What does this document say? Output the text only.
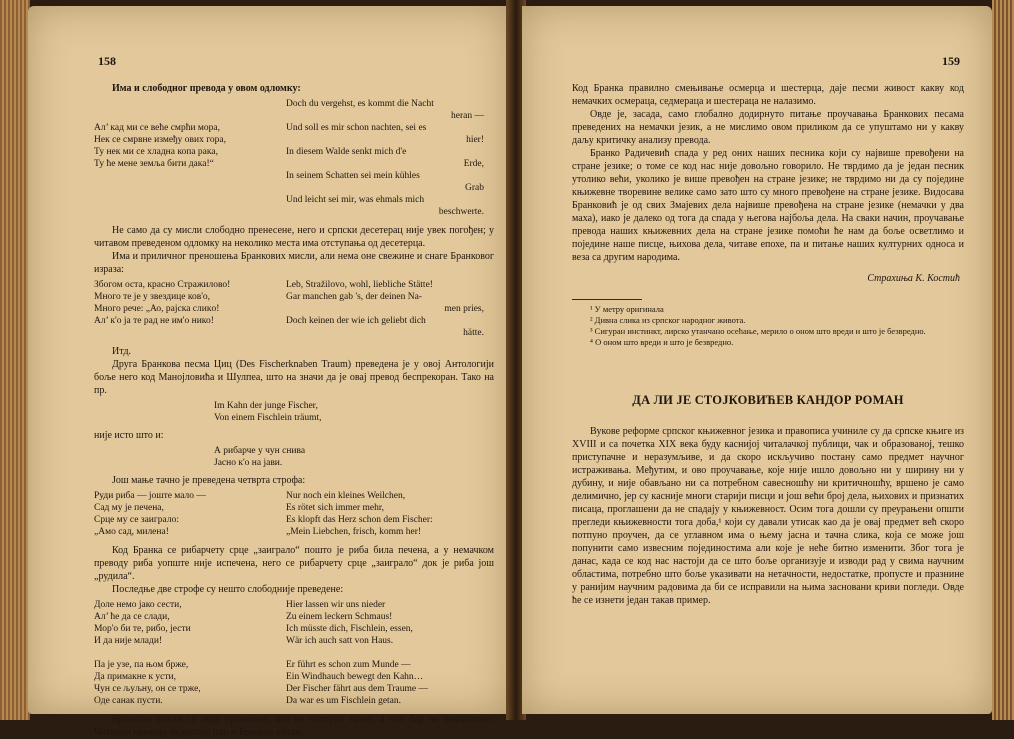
158
Има и слободног превода у овом одломку:

Ал’ кад ми се веће смрћи мора,
Нек се смрвне између ових гора,
Ту нек ми се хладна копа рака,
Ту ће мене земља бити дака!“

Doch du vergehst, es kommt die Nacht
heran —
Und soll es mir schon nachten, sei es
hier!
In diesem Walde senkt mich d'e
Erde,
In seinem Schatten sei mein kühles
Grab
Und leicht sei mir, was ehmals mich
beschwerte.

Не само да су мисли слободно пренесене, него и српски десетерац није увек погођен; у читавом преведеном одломку на неколико места има отступања од десетерца.

Има и приличног преношења Бранкових мисли, али нема оне свежине и снаге Бранковог израза:

Збогом оста, красно Стражилово!
Много те је у звездице ков'о,
Много рече: „Ао, рајска сликo!
Ал’ к'о ја те рад не им'о нико!
Leb, Stražilovo, wohl, liebliche Stätte!
Gar manchen gab 's, der deinen Na-
men pries,
Doch keinen der wie ich geliebt dich
hätte.

Итд.

Друга Бранкова песма Циц (Des Fischerknaben Traum) преведена је у овој Антологији боље него код Манојловића и Шулпеа, што на значи да је овај превод беспрекоран. Тако на пр.

Im Kahn der junge Fischer,
Von einem Fischlein träumt,

није исто што и:

А рибарче у чун снива
Јасно к'о на јави.

Још мање тачно је преведена четврта строфа:

Руди риба — јоште мало —
Сад му је печена,
Срце му се заиграло:
„Амо сад, милена!
Nur noch ein kleines Weilchen,
Es rötet sich immer mehr,
Es klopft das Herz schon dem Fischer:
„Mein Liebchen, frisch, komm her!

Код Бранка се рибарчету срце „заиграло“ пошто је риба била печена, а у немачком преводу риба уопште није испечена, него се рибарчету срце „заиграло“ док је риба још „рудила“.

Последње две строфе су нешто слободније преведене:

Доле немо јако сести,
Ал’ ће да се слади,
Мор'о би те, рибо, јести
И да није млади!

Па је узе, па њом брже,
Да примакне к усти,
Чун се љуљну, он се трже,
Оде санак пусти.
Hier lassen wir uns nieder
Zu einem leckern Schmaus!
Ich müsste dich, Fischlein, essen,
Wär ich auch satt von Haus.

Er führt es schon zum Munde —
Ein Windhauch bewegt den Kahn…
Der Fischer fährt aus dem Traume —
Da war es um Fischlein getan.

Бранкове мисли су овде пренесене, ако не потпуно тачно, а оно бар не некоректно. Читавом преводу недостаје још и Бранков ритам,

159

Код Бранка правилно смењивање осмерца и шестерца, даје песми живост какву код немачких осмераца, седмераца и шестераца не налазимо.

Овде је, засада, само глобално додирнуто питање проучавања Бранкових песама преведених на немачки језик, а не мислимо овом приликом да се упуштамо ни у какву даљу критичку анализу превода.

Бранко Радичевић спада у ред оних наших песника који су највише превођени на стране језике; о томе се код нас није довољно говорило. Не тврдимо да је један песник утолико већи, уколико је више превођен на стране језике; не тврдимо ни да су поједине књижевне творевине велике само зато што су много превођене на стране језике. Видосава Бранковић је од свих Змајевих дела највише превођена на стране језике (немачки у два маха), иако је далеко од тога да спада у његова најбоља дела. На сваки начин, проучавање превода наших књижевних дела на стране језике помоћи ће нам да боље осветлимо и поједине наше писце, њихова дела, читаве епохе, па и питање наших културних односа и веза са другим народима.

Страхиња К. Костић
¹ У метру оригинала
² Дивна слика из српског народног живота.
³ Сигуран инстинкт, лирско утанчано осећање, мерило о оном што вреди и што је безвредно.
⁴ О оном што вреди и што је безвредно.
ДА ЛИ ЈЕ СТОЈКОВИЋЕВ КАНДОР РОМАН

Вукове реформе српског књижевног језика и правописа учиниле су да српске књиге из XVIII и са почетка XIX века буду каснијој читалачкој публици, чак и образованој, тешко приступачне и неразумљиве, и да скоро искључиво постану само предмет научног истраживања. Међутим, и ово проучавање, које није ишло довољно ни у ширину ни у дубину, и није обављано ни са потребном савесношћу ни критичношћу, вршено је само делимично, јер су касније многи старији писци и још већи број дела, њихових и признатих писаца, проглашени да не спадају у књижевност. Осим тога дошли су преурањени општи прегледи књижевности тога доба,¹ који су давали утисак као да је овај предмет већ скоро потпуно проучен, да се углавном има о њему јасна и тачна слика, која се може још попунити само извесним појединостима али које је неће битно изменити. Због тога је данас, када се код нас настоји да се што боље организује и изводи рад у свима научним областима, потребно што боље указивати на нетачности, недостатке, пропусте и празнине у ранијим научним радовима да би се исправили на њима засновани криви погледи. Овде ће се изнети један такав пример.
